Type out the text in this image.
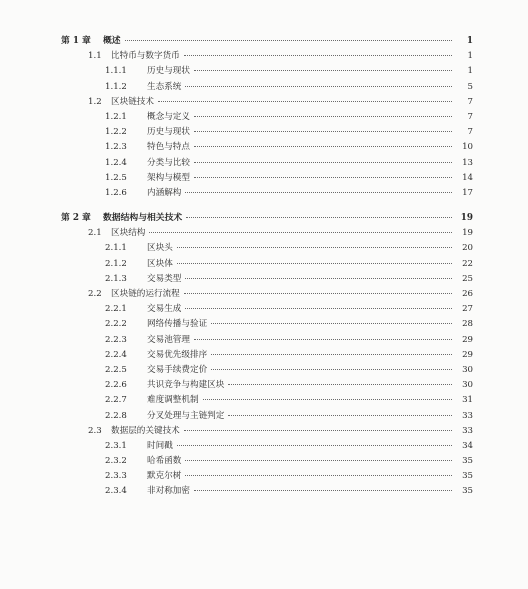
第 1 章	概述	1
1.1	比特币与数字货币	1
1.1.1	历史与现状	1
1.1.2	生态系统	5
1.2	区块链技术	7
1.2.1	概念与定义	7
1.2.2	历史与现状	7
1.2.3	特色与特点	10
1.2.4	分类与比较	13
1.2.5	架构与模型	14
1.2.6	内涵解构	17
第 2 章	数据结构与相关技术	19
2.1	区块结构	19
2.1.1	区块头	20
2.1.2	区块体	22
2.1.3	交易类型	25
2.2	区块链的运行流程	26
2.2.1	交易生成	27
2.2.2	网络传播与验证	28
2.2.3	交易池管理	29
2.2.4	交易优先级排序	29
2.2.5	交易手续费定价	30
2.2.6	共识竞争与构建区块	30
2.2.7	难度调整机制	31
2.2.8	分叉处理与主链判定	33
2.3	数据层的关键技术	33
2.3.1	时间戳	34
2.3.2	哈希函数	35
2.3.3	默克尔树	35
2.3.4	非对称加密	35
